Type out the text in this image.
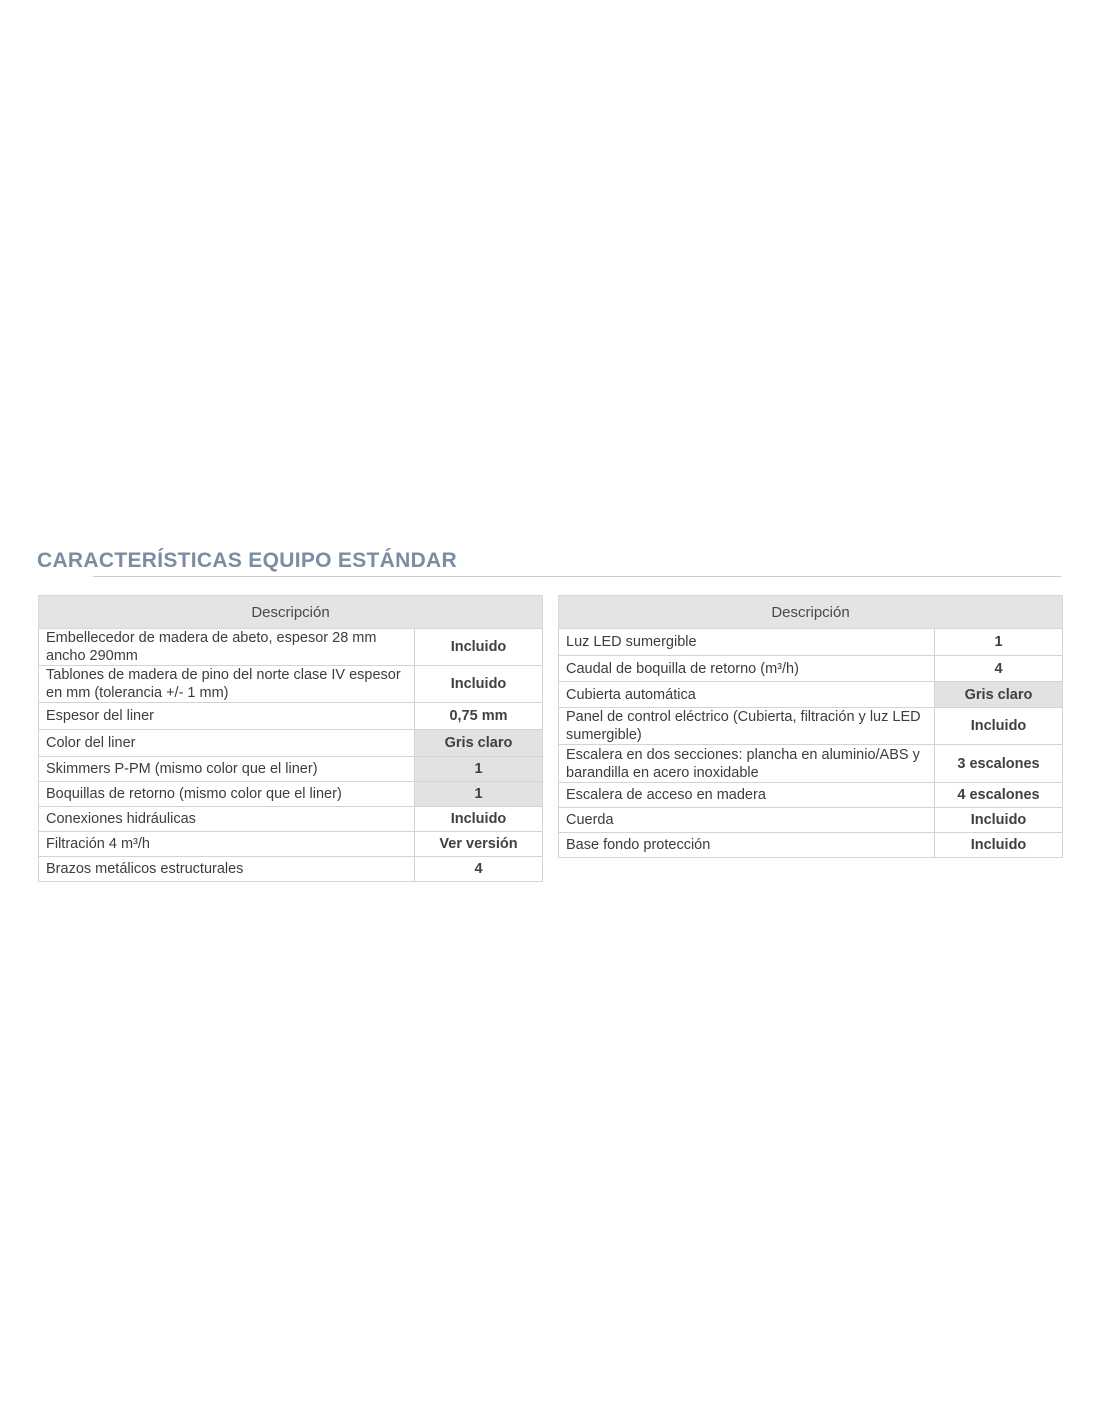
CARACTERÍSTICAS EQUIPO ESTÁNDAR
Descripción	
Embellecedor de madera de abeto, espesor 28 mm ancho 290mm	Incluido
Tablones de madera de pino del norte clase IV espesor en mm (tolerancia +/- 1 mm)	Incluido
Espesor del liner	0,75 mm
Color del liner	Gris claro
Skimmers P-PM (mismo color que el liner)	1
Boquillas de retorno (mismo color que el liner)	1
Conexiones hidráulicas	Incluido
Filtración 4 m³/h	Ver versión
Brazos metálicos estructurales	4
Descripción	
Luz LED sumergible	1
Caudal de boquilla de retorno (m³/h)	4
Cubierta automática	Gris claro
Panel de control eléctrico (Cubierta, filtración y luz LED sumergible)	Incluido
Escalera en dos secciones: plancha en aluminio/ABS y barandilla en acero inoxidable	3 escalones
Escalera de acceso en madera	4 escalones
Cuerda	Incluido
Base fondo protección	Incluido
